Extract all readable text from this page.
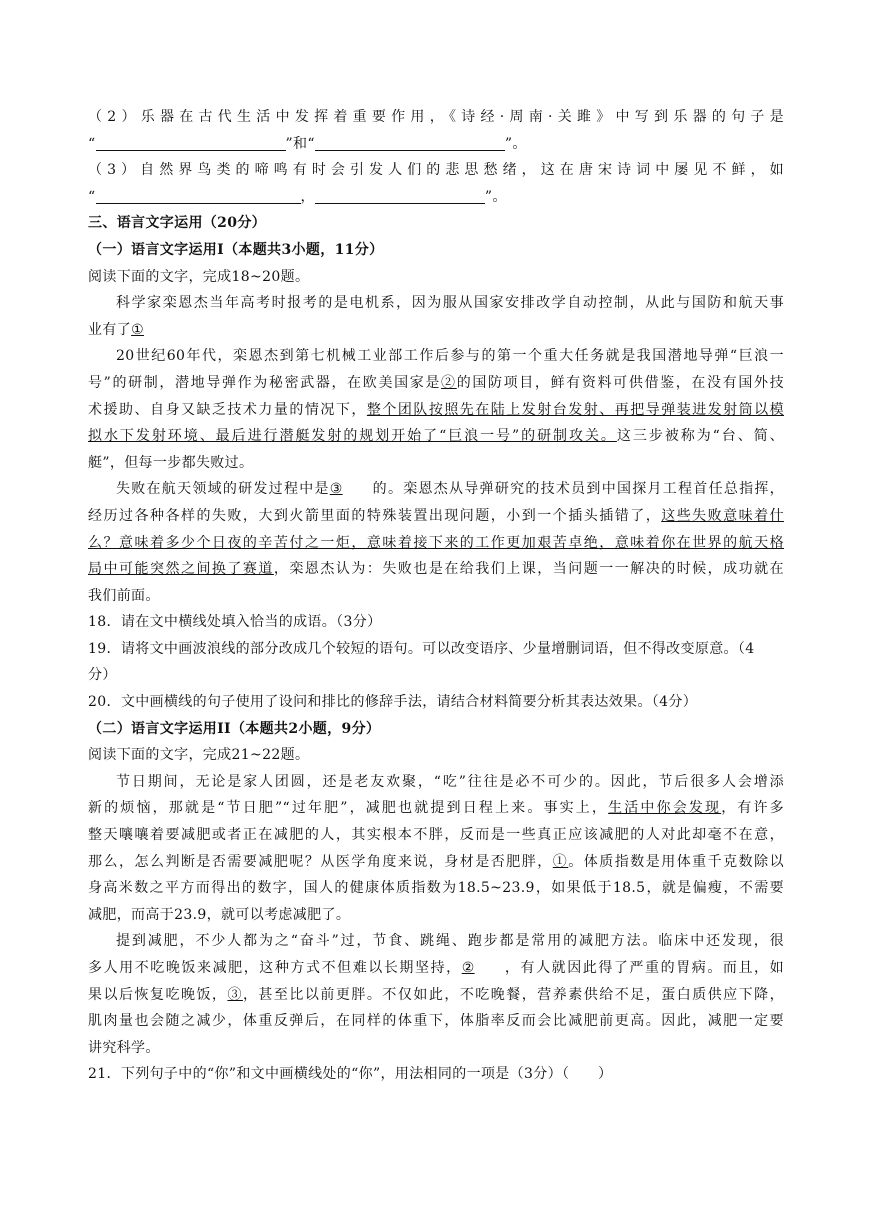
（2）乐器在古代生活中发挥着重要作用，《诗经·周南·关雎》中写到乐器的句子是
“	”和“	”。
（3）自然界鸟类的啼鸣有时会引发人们的悲思愁绪，这在唐宋诗词中屡见不鲜，如
“	，	”。
三、语言文字运用（20分）
（一）语言文字运用Ⅰ（本题共3小题，11分）
阅读下面的文字，完成18~20题。
科学家栾恩杰当年高考时报考的是电机系，因为服从国家安排改学自动控制，从此与国防和航天事
业有了①
20世纪60年代，栾恩杰到第七机械工业部工作后参与的第一个重大任务就是我国潜地导弹“巨浪一
号”的研制，潜地导弹作为秘密武器，在欧美国家是②的国防项目，鲜有资料可供借鉴，在没有国外技
术援助、自身又缺乏技术力量的情况下，整个团队按照先在陆上发射台发射、再把导弹装进发射筒以模
拟水下发射环境、最后进行潜艇发射的规划开始了“巨浪一号”的研制攻关。这三步被称为“台、简、
艇”，但每一步都失败过。
失败在航天领域的研发过程中是③ 的。栾恩杰从导弹研究的技术员到中国探月工程首任总指挥，
经历过各种各样的失败，大到火箭里面的特殊装置出现问题，小到一个插头插错了，这些失败意味着什
么？意味着多少个日夜的辛苦付之一炬，意味着接下来的工作更加艰苦卓绝，意味着你在世界的航天格
局中可能突然之间换了赛道，栾恩杰认为：失败也是在给我们上课，当问题一一解决的时候，成功就在
我们前面。
18．请在文中横线处填入恰当的成语。（3分）
19．请将文中画波浪线的部分改成几个较短的语句。可以改变语序、少量增删词语，但不得改变原意。（4
分）
20．文中画横线的句子使用了设问和排比的修辞手法，请结合材料简要分析其表达效果。（4分）
（二）语言文字运用II（本题共2小题，9分）
阅读下面的文字，完成21~22题。
节日期间，无论是家人团圆，还是老友欢聚，“吃”往往是必不可少的。因此，节后很多人会增添
新的烦恼，那就是“节日肥”“过年肥”，减肥也就提到日程上来。事实上，生活中你会发现，有许多
整天嚷嚷着要减肥或者正在减肥的人，其实根本不胖，反而是一些真正应该减肥的人对此却毫不在意，
那么，怎么判断是否需要减肥呢？从医学角度来说，身材是否肥胖，①。体质指数是用体重千克数除以
身高米数之平方而得出的数字，国人的健康体质指数为18.5~23.9，如果低于18.5，就是偏瘦，不需要
减肥，而高于23.9，就可以考虑减肥了。
提到减肥，不少人都为之“奋斗”过，节食、跳绳、跑步都是常用的减肥方法。临床中还发现，很
多人用不吃晚饭来减肥，这种方式不但难以长期坚持，② ，有人就因此得了严重的胃病。而且，如
果以后恢复吃晚饭，③，甚至比以前更胖。不仅如此，不吃晚餐，营养素供给不足，蛋白质供应下降，
肌肉量也会随之减少，体重反弹后，在同样的体重下，体脂率反而会比减肥前更高。因此，减肥一定要
讲究科学。
21．下列句子中的“你”和文中画横线处的“你”，用法相同的一项是（3分）（　　）
